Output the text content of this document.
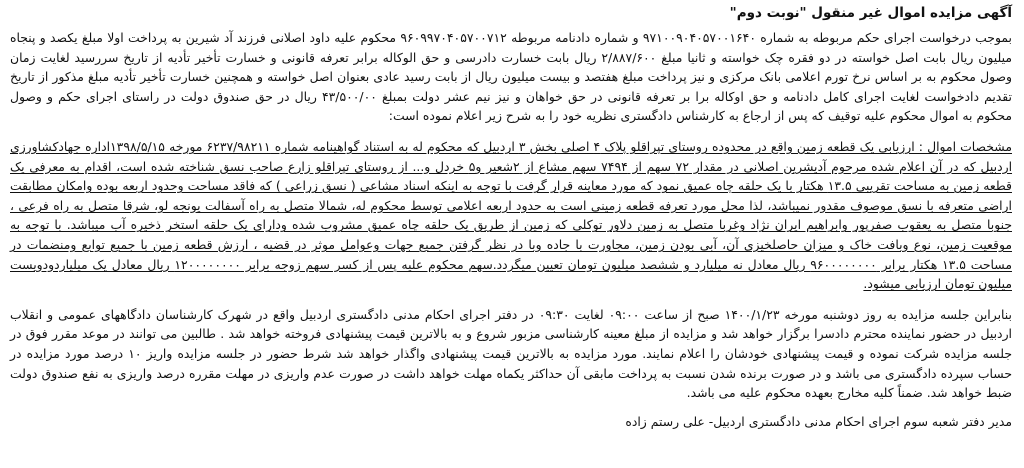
آگهی مزایده اموال غیر منقول "نوبت دوم"

بموجب درخواست اجرای حکم مربوطه به شماره ۹۷۱۰۰۹۰۴۰۵۷۰۰۱۶۴۰ و شماره دادنامه مربوطه ۹۶۰۹۹۷۰۴۰۵۷۰۰۷۱۲ محکوم علیه داود اصلانی فرزند آد شیرین به پرداخت اولا مبلغ یکصد و پنجاه میلیون ریال بابت اصل خواسته در دو فقره چک خواسته و ثانیا مبلغ ۲/۸۸۷/۶۰۰ ریال بابت خسارت دادرسی و حق الوکاله برابر تعرفه قانونی و خسارت تأخیر تأدیه از تاریخ سررسید لغایت زمان وصول محکوم به بر اساس نرخ تورم اعلامی بانک مرکزی و نیز پرداخت مبلغ هفتصد و بیست میلیون ریال از بابت رسید عادی بعنوان اصل خواسته و همچنین خسارت تأخیر تأدیه مبلغ مذکور از تاریخ تقدیم دادخواست لغایت اجرای کامل دادنامه و حق اوکاله برا بر تعرفه قانونی در حق خواهان و نیز نیم عشر دولت بمبلغ ۴۳/۵۰۰/۰۰ ریال در حق صندوق دولت در راستای اجرای حکم و وصول محکوم به اموال محکوم علیه توقیف که پس از ارجاع به کارشناس دادگستری نظریه خود را به شرح زیر اعلام نموده است:

مشخصات اموال : ارزیابی یک قطعه زمین واقع در محدوده روستای تپراقلو پلاک ۴ اصلی بخش ۳ اردبیل که محکوم له به استناد گواهینامه شماره ۶۲۳۷/۹۸۲۱۱ مورخه ۱۳۹۸/۵/۱۵اداره جهادکشاورزی اردبیل که در آن اعلام شده مرحوم آدیشرین اصلانی در مقدار ۷۲ سهم از ۷۴۹۴ سهم مشاع از ۲شعیر و۵ خردل و... از روستای تپراقلو زارع صاحب نسق شناخته شده است، اقدام به معرفی یک قطعه زمین به مساحت تقریبی ۱۳.۵ هکتار با یک حلقه چاه عمیق نمود که مورد معاینه قرار گرفت با توجه به اینکه اسناد مشاعی ( نسق زراعی ) که فاقد مساحت وحدود اربعه بوده وامکان مطابقت اراضی متعرفه با نسق موصوف مقدور نمیباشد، لذا محل مورد تعرفه قطعه زمینی است به حدود اربعه اعلامی توسط محکوم له، شمالا متصل به راه آسفالت یونجه لو، شرقا متصل به راه فرعی ، جنوبا متصل به یعقوب صفرپور وابراهیم ایران نژاد وغربا متصل به زمین دلاور توکلی که زمین از طریق یک حلقه چاه عمیق مشروب شده ودارای یک حلقه استخر ذخیره آب میباشد. با توجه به موقعیت زمین، نوع وبافت خاک و میزان حاصلخیزی آن، آبی بودن زمین، مجاورت با جاده وبا در نظر گرفتن جمیع جهات وعوامل موثر در قضیه ، ارزش قطعه زمین با جمیع توابع ومنضمات در مساحت ۱۳.۵ هکتار برابر ۹۶۰۰۰۰۰۰۰۰ ریال معادل نه میلیارد و ششصد میلیون تومان تعیین میگردد.سهم محکوم علیه پس از کسر سهم زوجه برابر ۱۲۰۰۰۰۰۰۰۰ ریال معادل یک میلیاردودویست میلیون تومان ارزیابی میشود.

بنابراین جلسه مزایده به روز دوشنبه مورخه ۱۴۰۰/۱/۲۳ صبح از ساعت ۰۹:۰۰ لغایت ۰۹:۳۰ در دفتر اجرای احکام مدنی دادگستری اردبیل واقع در شهرک کارشناسان دادگاههای عمومی و انقلاب اردبیل در حضور نماینده محترم دادسرا برگزار خواهد شد و مزایده از مبلغ معینه کارشناسی مزبور شروع و به بالاترین قیمت پیشنهادی فروخته خواهد شد . طالبین می توانند در موعد مقرر فوق در جلسه مزایده شرکت نموده و قیمت پیشنهادی خودشان را اعلام نمایند. مورد مزایده به بالاترین قیمت پیشنهادی واگذار خواهد شد شرط حضور در جلسه مزایده واریز ۱۰ درصد مورد مزایده در حساب سپرده دادگستری می باشد و در صورت برنده شدن نسبت به پرداخت مابقی آن حداکثر یکماه مهلت خواهد داشت در صورت عدم واریزی در مهلت مقرره درصد واریزی به نفع صندوق دولت ضبط خواهد شد. ضمناً کلیه مخارج بعهده محکوم علیه می باشد.

مدیر دفتر شعبه سوم اجرای احکام مدنی دادگستری اردبیل- علی رستم زاده
